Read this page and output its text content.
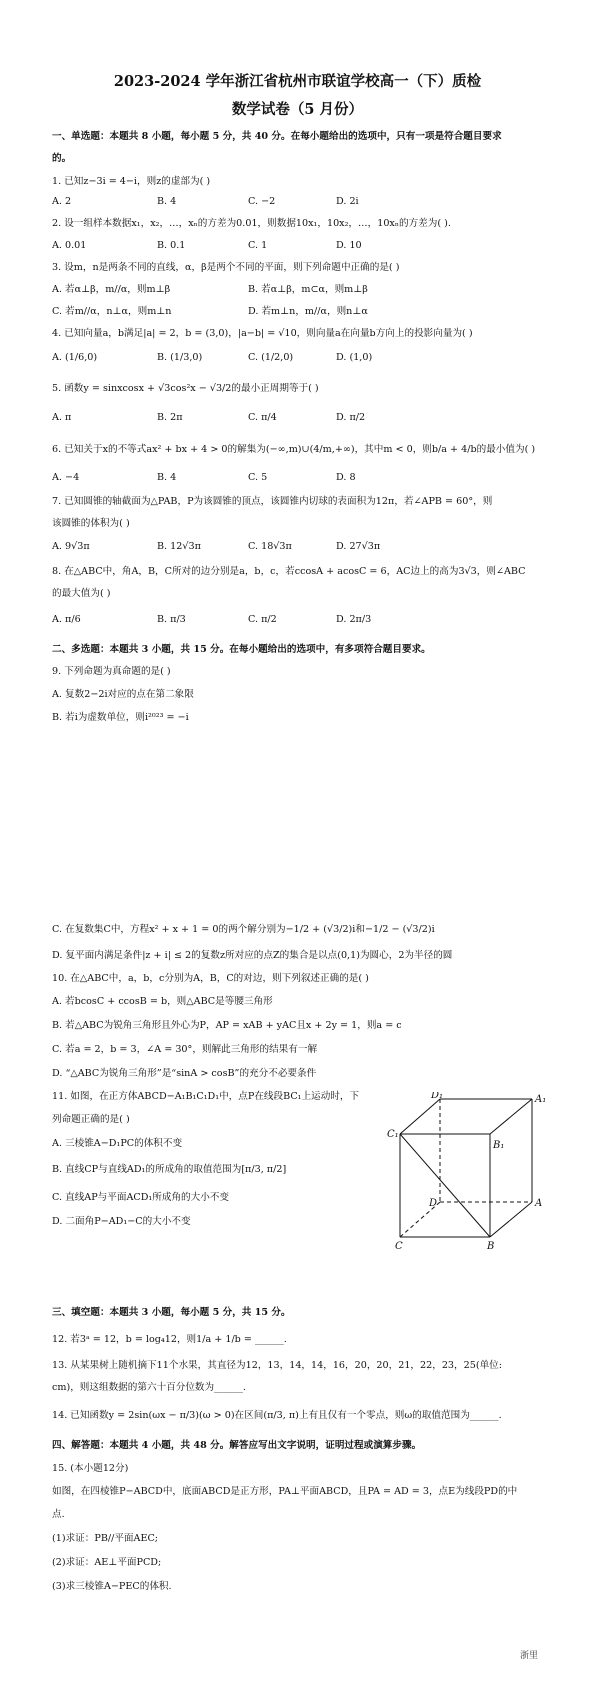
2023-2024 学年浙江省杭州市联谊学校高一（下）质检
数学试卷（5 月份）
一、单选题：本题共 8 小题，每小题 5 分，共 40 分。在每小题给出的选项中，只有一项是符合题目要求
的。
1. 已知z−3i = 4−i，则z的虚部为( )
A. 2	B. 4	C. −2	D. 2i
2. 设一组样本数据x₁，x₂，…，xₙ的方差为0.01，则数据10x₁，10x₂，…，10xₙ的方差为( ).
A. 0.01	B. 0.1	C. 1	D. 10
3. 设m，n是两条不同的直线，α，β是两个不同的平面，则下列命题中正确的是( )
A. 若α⊥β，m//α，则m⊥β	B. 若α⊥β，m⊂α，则m⊥β
C. 若m//α，n⊥α，则m⊥n	D. 若m⊥n，m//α，则n⊥α
4. 已知向量a，b满足|a| = 2，b = (3,0)，|a−b| = √10，则向量a在向量b方向上的投影向量为( )
A. (1/6,0)	B. (1/3,0)	C. (1/2,0)	D. (1,0)
5. 函数y = sinxcosx + √3cos²x − √3/2的最小正周期等于( )
A. π	B. 2π	C. π/4	D. π/2
6. 已知关于x的不等式ax² + bx + 4 > 0的解集为(−∞,m)∪(4/m,+∞)，其中m < 0，则b/a + 4/b的最小值为( )
A. −4	B. 4	C. 5	D. 8
7. 已知圆锥的轴截面为△PAB，P为该圆锥的顶点，该圆锥内切球的表面积为12π，若∠APB = 60°，则
该圆锥的体积为( )
A. 9√3π	B. 12√3π	C. 18√3π	D. 27√3π
8. 在△ABC中，角A，B，C所对的边分别是a，b，c，若ccosA + acosC = 6，AC边上的高为3√3，则∠ABC
的最大值为( )
A. π/6	B. π/3	C. π/2	D. 2π/3
二、多选题：本题共 3 小题，共 15 分。在每小题给出的选项中，有多项符合题目要求。
9. 下列命题为真命题的是( )
A. 复数2−2i对应的点在第二象限
B. 若i为虚数单位，则i²⁰²³ = −i
C. 在复数集C中，方程x² + x + 1 = 0的两个解分别为−1/2 + (√3/2)i和−1/2 − (√3/2)i
D. 复平面内满足条件|z + i| ≤ 2的复数z所对应的点Z的集合是以点(0,1)为圆心，2为半径的圆
10. 在△ABC中，a，b，c分别为A，B，C的对边，则下列叙述正确的是( )
A. 若bcosC + ccosB = b，则△ABC是等腰三角形
B. 若△ABC为锐角三角形且外心为P，AP = xAB + yAC且x + 2y = 1，则a = c
C. 若a = 2，b = 3，∠A = 30°，则解此三角形的结果有一解
D. “△ABC为锐角三角形”是“sinA > cosB”的充分不必要条件
11. 如图，在正方体ABCD−A₁B₁C₁D₁中，点P在线段BC₁上运动时，下
列命题正确的是( )
A. 三棱锥A−D₁PC的体积不变
B. 直线CP与直线AD₁的所成角的取值范围为[π/3, π/2]
C. 直线AP与平面ACD₁所成角的大小不变
D. 二面角P−AD₁−C的大小不变
D₁	A₁
C₁
B₁
D	A
C	B
三、填空题：本题共 3 小题，每小题 5 分，共 15 分。
12. 若3ᵃ = 12，b = log₄12，则1/a + 1/b = ______.
13. 从某果树上随机摘下11个水果，其直径为12，13，14，14，16，20，20，21，22，23，25(单位:
cm)，则这组数据的第六十百分位数为______.
14. 已知函数y = 2sin(ωx − π/3)(ω > 0)在区间(π/3, π)上有且仅有一个零点，则ω的取值范围为______.
四、解答题：本题共 4 小题，共 48 分。解答应写出文字说明，证明过程或演算步骤。
15. (本小题12分)
如图，在四棱锥P−ABCD中，底面ABCD是正方形，PA⊥平面ABCD，且PA = AD = 3，点E为线段PD的中
点.
(1)求证：PB//平面AEC;
(2)求证：AE⊥平面PCD;
(3)求三棱锥A−PEC的体积.
浙里
